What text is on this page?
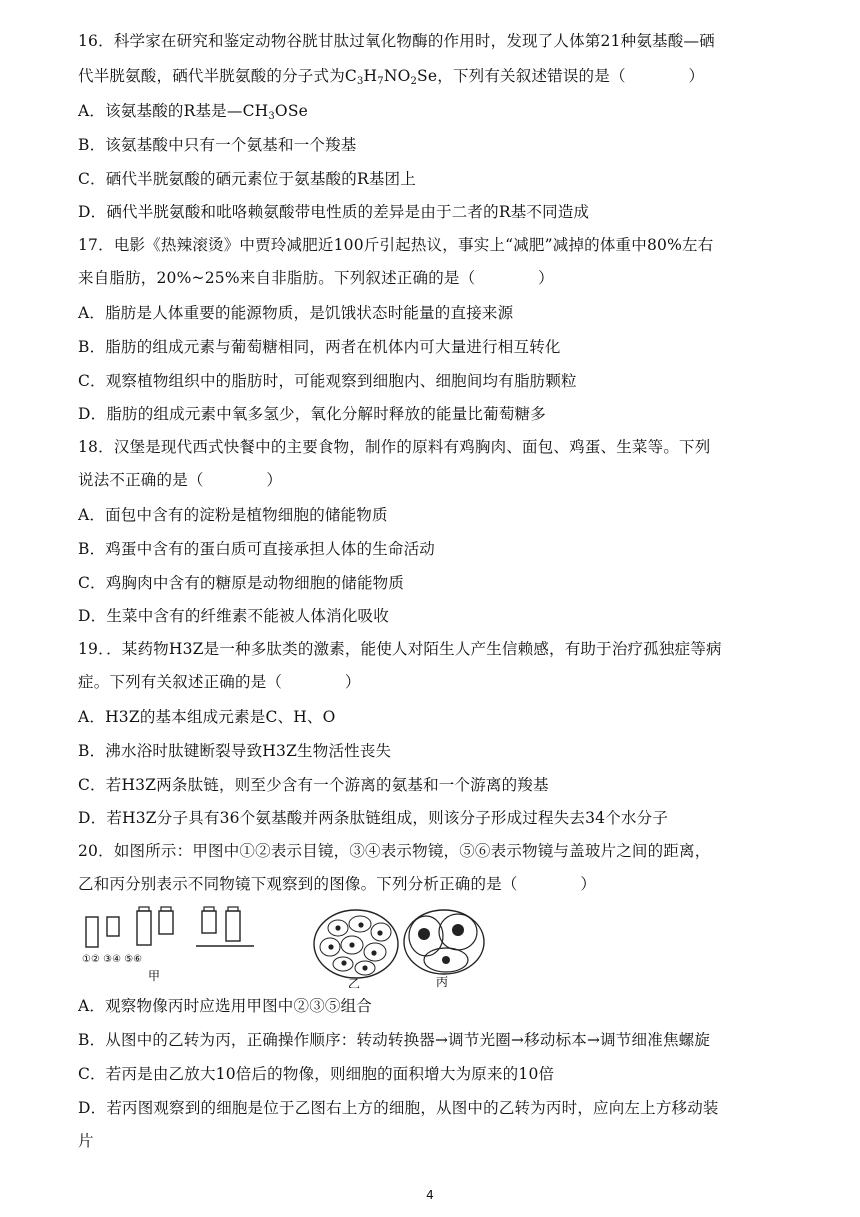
16．科学家在研究和鉴定动物谷胱甘肽过氧化物酶的作用时，发现了人体第21种氨基酸—硒
代半胱氨酸，硒代半胱氨酸的分子式为$C_3H_7NO_2Se$，下列有关叙述错误的是（　　　　）
A．该氨基酸的R基是$—CH_3OSe$
B．该氨基酸中只有一个氨基和一个羧基
C．硒代半胱氨酸的硒元素位于氨基酸的R基团上
D．硒代半胱氨酸和吡咯赖氨酸带电性质的差异是由于二者的R基不同造成
17．电影《热辣滚烫》中贾玲减肥近100斤引起热议，事实上“减肥”减掉的体重中80%左右
来自脂肪，20%~25%来自非脂肪。下列叙述正确的是（　　　　）
A．脂肪是人体重要的能源物质，是饥饿状态时能量的直接来源
B．脂肪的组成元素与葡萄糖相同，两者在机体内可大量进行相互转化
C．观察植物组织中的脂肪时，可能观察到细胞内、细胞间均有脂肪颗粒
D．脂肪的组成元素中氧多氢少，氧化分解时释放的能量比葡萄糖多
18．汉堡是现代西式快餐中的主要食物，制作的原料有鸡胸肉、面包、鸡蛋、生菜等。下列
说法不正确的是（　　　　）
A．面包中含有的淀粉是植物细胞的储能物质
B．鸡蛋中含有的蛋白质可直接承担人体的生命活动
C．鸡胸肉中含有的糖原是动物细胞的储能物质
D．生菜中含有的纤维素不能被人体消化吸收
19．．某药物H3Z是一种多肽类的激素，能使人对陌生人产生信赖感，有助于治疗孤独症等病
症。下列有关叙述正确的是（　　　　）
A．H3Z的基本组成元素是C、H、O
B．沸水浴时肽键断裂导致H3Z生物活性丧失
C．若H3Z两条肽链，则至少含有一个游离的氨基和一个游离的羧基
D．若H3Z分子具有36个氨基酸并两条肽链组成，则该分子形成过程失去34个水分子
20．如图所示：甲图中①②表示目镜，③④表示物镜，⑤⑥表示物镜与盖玻片之间的距离，
乙和丙分别表示不同物镜下观察到的图像。下列分析正确的是（　　　　）
①② ③④ ⑤⑥
甲
乙	丙
A．观察物像丙时应选用甲图中②③⑤组合
B．从图中的乙转为丙，正确操作顺序：转动转换器→调节光圈→移动标本→调节细准焦螺旋
C．若丙是由乙放大10倍后的物像，则细胞的面积增大为原来的10倍
D．若丙图观察到的细胞是位于乙图右上方的细胞，从图中的乙转为丙时，应向左上方移动装
片
4
